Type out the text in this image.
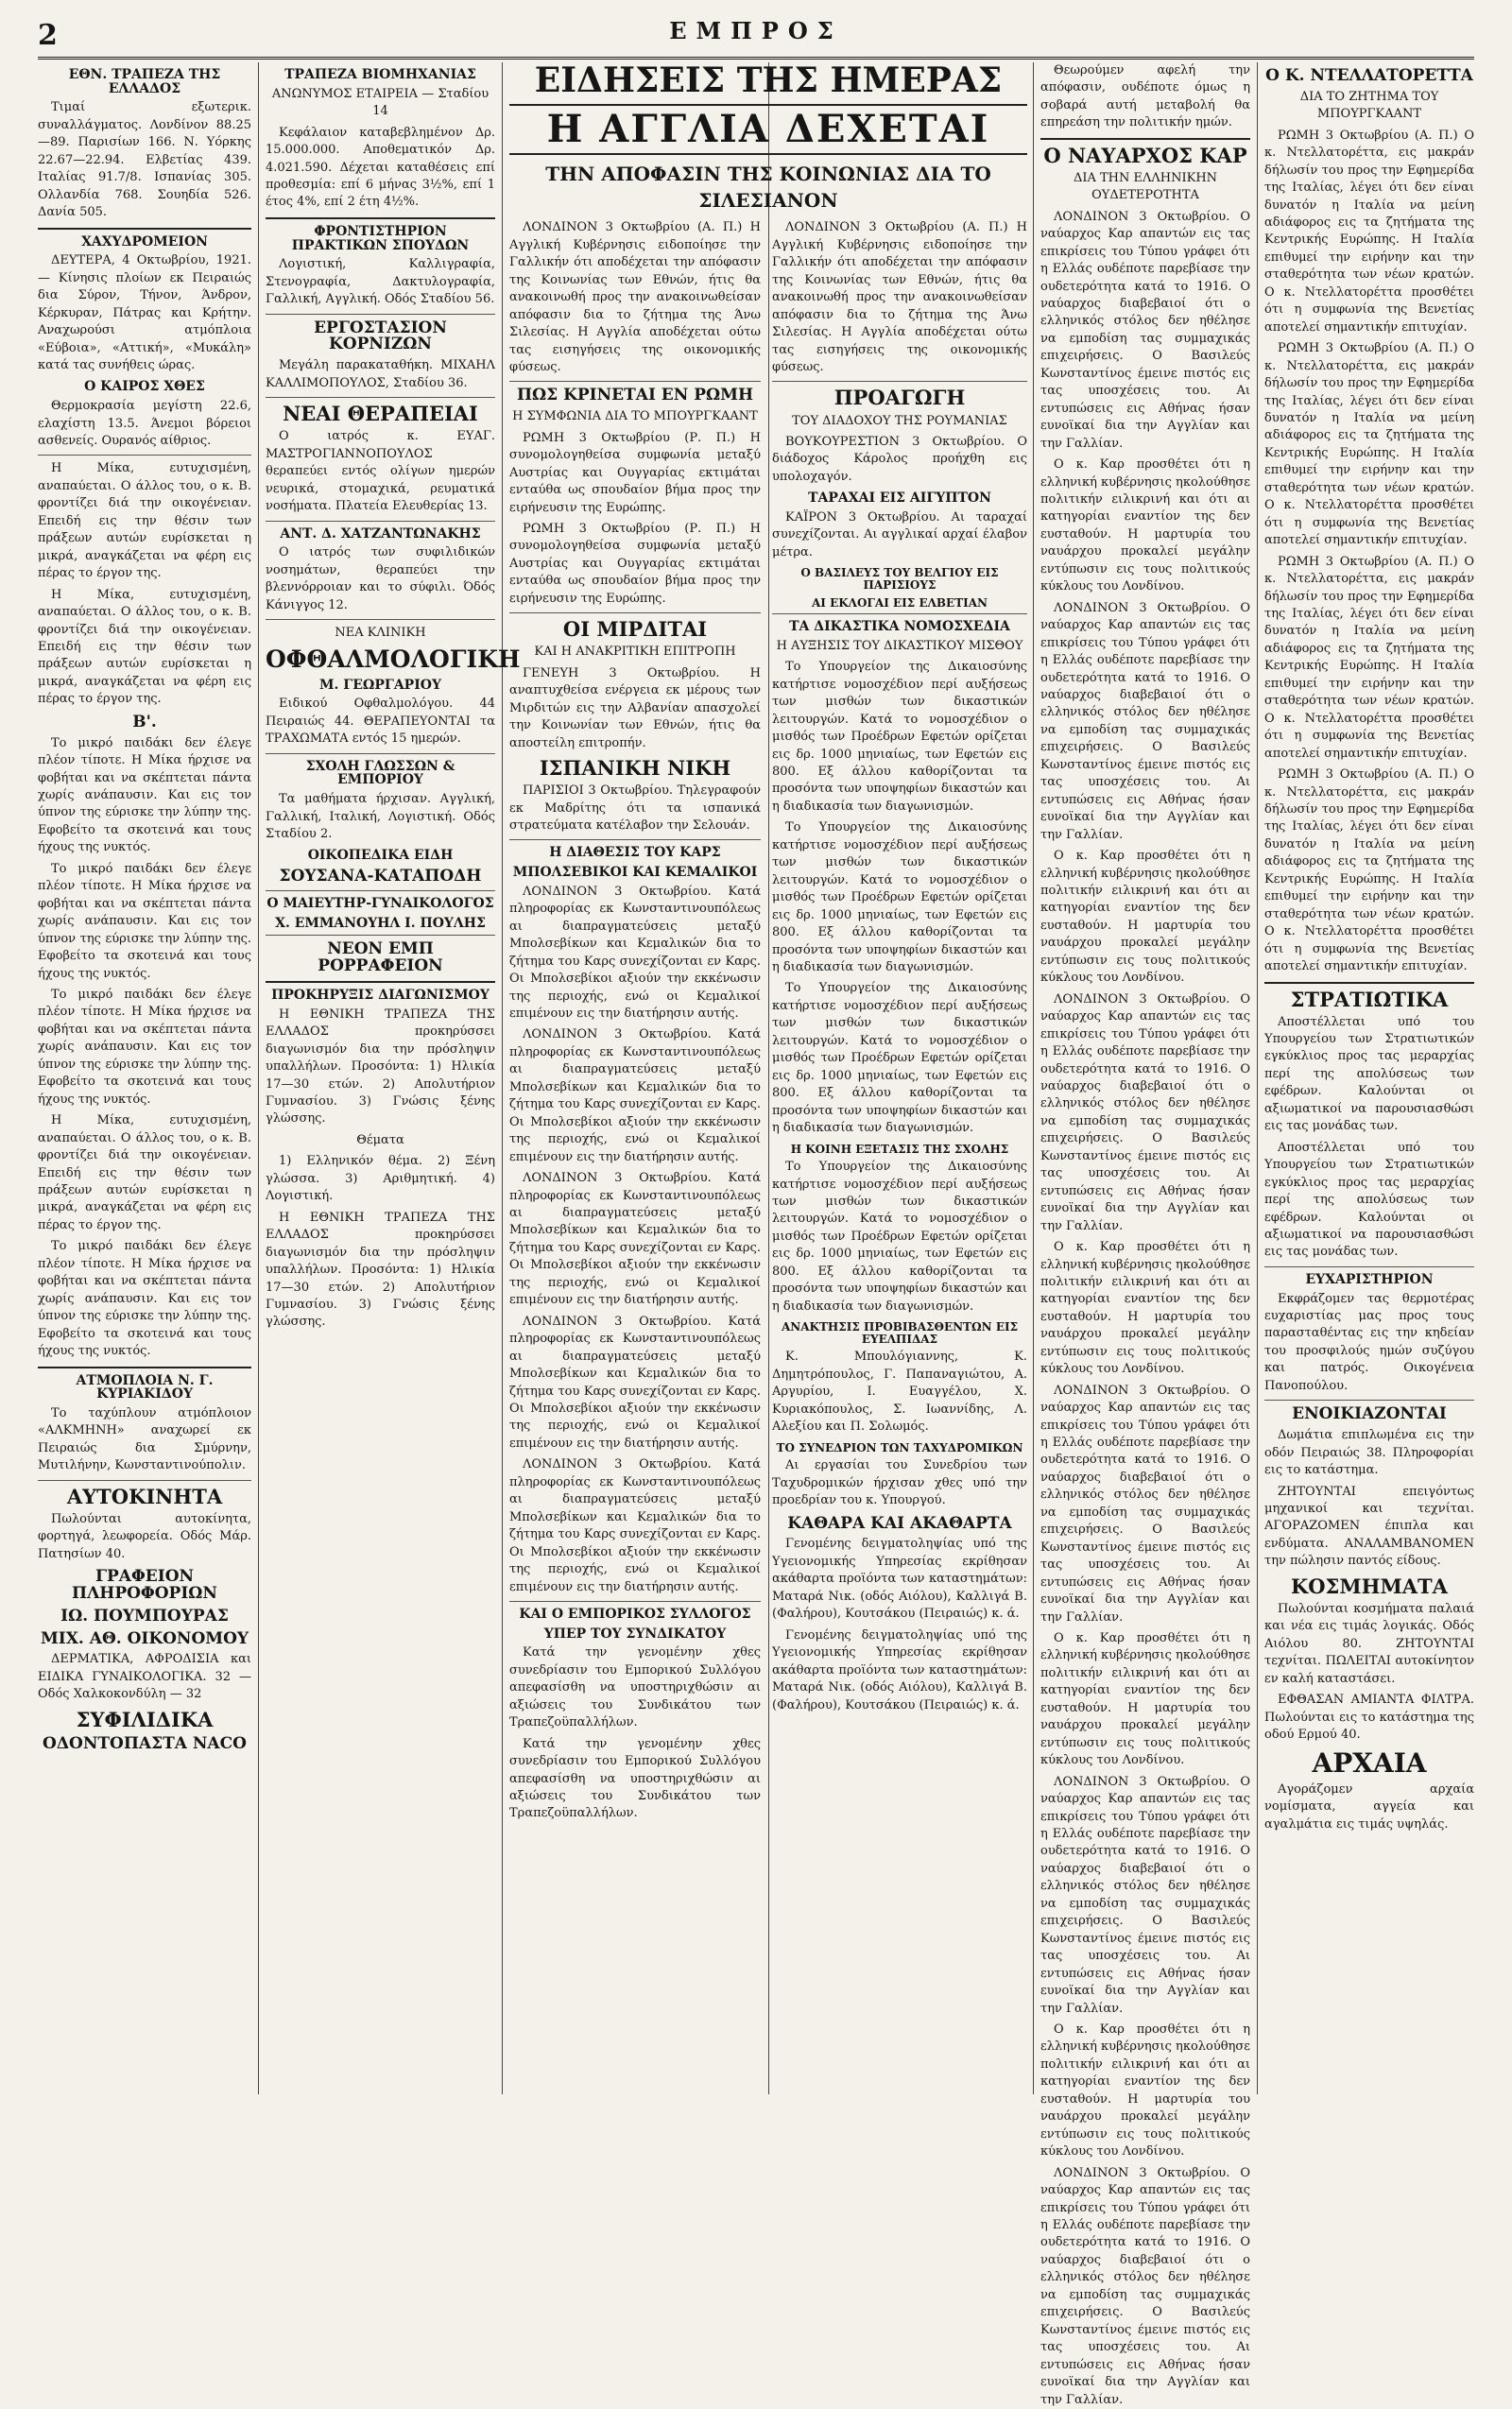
2	ΕΜΠΡΟΣ
ΕΘΝ. ΤΡΑΠΕΖΑ ΤΗΣ ΕΛΛΑΔΟΣ

Τιμαί εξωτερικ. συναλλάγματος. Λονδίνον 88.25—89. Παρισίων 166. Ν. Υόρκης 22.67—22.94. Ελβετίας 439. Ιταλίας 91.7/8. Ισπανίας 305. Ολλανδία 768. Σουηδία 526. Δανία 505.

ΧΑΧΥΔΡΟΜΕΙΟΝ

ΔΕΥΤΕΡΑ, 4 Οκτωβρίου, 1921. — Κίνησις πλοίων εκ Πειραιώς δια Σύρον, Τήνον, Άνδρον, Κέρκυραν, Πάτρας και Κρήτην. Αναχωρούσι ατμόπλοια «Εύβοια», «Αττική», «Μυκάλη» κατά τας συνήθεις ώρας.

Ο ΚΑΙΡΟΣ ΧΘΕΣ

Θερμοκρασία μεγίστη 22.6, ελαχίστη 13.5. Άνεμοι βόρειοι ασθενείς. Ουρανός αίθριος.

Η Μίκα, ευτυχισμένη, αναπαύεται. Ο άλλος του, ο κ. Β. φροντίζει διά την οικογένειαν. Επειδή εις την θέσιν των πράξεων αυτών ευρίσκεται η μικρά, αναγκάζεται να φέρη εις πέρας το έργον της.

Η Μίκα, ευτυχισμένη, αναπαύεται. Ο άλλος του, ο κ. Β. φροντίζει διά την οικογένειαν. Επειδή εις την θέσιν των πράξεων αυτών ευρίσκεται η μικρά, αναγκάζεται να φέρη εις πέρας το έργον της.

Β'.

Το μικρό παιδάκι δεν έλεγε πλέον τίποτε. Η Μίκα ήρχισε να φοβήται και να σκέπτεται πάντα χωρίς ανάπαυσιν. Και εις τον ύπνον της εύρισκε την λύπην της. Εφοβείτο τα σκοτεινά και τους ήχους της νυκτός.

Το μικρό παιδάκι δεν έλεγε πλέον τίποτε. Η Μίκα ήρχισε να φοβήται και να σκέπτεται πάντα χωρίς ανάπαυσιν. Και εις τον ύπνον της εύρισκε την λύπην της. Εφοβείτο τα σκοτεινά και τους ήχους της νυκτός.

Το μικρό παιδάκι δεν έλεγε πλέον τίποτε. Η Μίκα ήρχισε να φοβήται και να σκέπτεται πάντα χωρίς ανάπαυσιν. Και εις τον ύπνον της εύρισκε την λύπην της. Εφοβείτο τα σκοτεινά και τους ήχους της νυκτός.

Η Μίκα, ευτυχισμένη, αναπαύεται. Ο άλλος του, ο κ. Β. φροντίζει διά την οικογένειαν. Επειδή εις την θέσιν των πράξεων αυτών ευρίσκεται η μικρά, αναγκάζεται να φέρη εις πέρας το έργον της.

Το μικρό παιδάκι δεν έλεγε πλέον τίποτε. Η Μίκα ήρχισε να φοβήται και να σκέπτεται πάντα χωρίς ανάπαυσιν. Και εις τον ύπνον της εύρισκε την λύπην της. Εφοβείτο τα σκοτεινά και τους ήχους της νυκτός.

ΑΤΜΟΠΛΟΙΑ Ν. Γ. ΚΥΡΙΑΚΙΔΟΥ

Το ταχύπλουν ατμόπλοιον «ΑΛΚΜΗΝΗ» αναχωρεί εκ Πειραιώς δια Σμύρνην, Μυτιλήνην, Κωνσταντινούπολιν.

ΑΥΤΟΚΙΝΗΤΑ

Πωλούνται αυτοκίνητα, φορτηγά, λεωφορεία. Οδός Μάρ. Πατησίων 40.

ΓΡΑΦΕΙΟΝ ΠΛΗΡΟΦΟΡΙΩΝ
ΙΩ. ΠΟΥΜΠΟΥΡΑΣ
ΜΙΧ. ΑΘ. ΟΙΚΟΝΟΜΟΥ

ΔΕΡΜΑΤΙΚΑ, ΑΦΡΟΔΙΣΙΑ και ΕΙΔΙΚΑ ΓΥΝΑΙΚΟΛΟΓΙΚΑ. 32 — Οδός Χαλκοκονδύλη — 32

ΣΥΦΙΛΙΔΙΚΑ
ΟΔΟΝΤΟΠΑΣΤΑ ΝΑCO
ΤΡΑΠΕΖΑ ΒΙΟΜΗΧΑΝΙΑΣ
ΑΝΩΝΥΜΟΣ ΕΤΑΙΡΕΙΑ — Σταδίου 14

Κεφάλαιον καταβεβλημένον Δρ. 15.000.000. Αποθεματικόν Δρ. 4.021.590. Δέχεται καταθέσεις επί προθεσμία: επί 6 μήνας 3½%, επί 1 έτος 4%, επί 2 έτη 4½%.

ΦΡΟΝΤΙΣΤΗΡΙΟΝ ΠΡΑΚΤΙΚΩΝ ΣΠΟΥΔΩΝ

Λογιστική, Καλλιγραφία, Στενογραφία, Δακτυλογραφία, Γαλλική, Αγγλική. Οδός Σταδίου 56.

ΕΡΓΟΣΤΑΣΙΟΝ ΚΟΡΝΙΖΩΝ

Μεγάλη παρακαταθήκη. ΜΙΧΑΗΛ ΚΑΛΛΙΜΟΠΟΥΛΟΣ, Σταδίου 36.

ΝΕΑΙ ΘΕΡΑΠΕΙΑΙ

Ο ιατρός κ. ΕΥΑΓ. ΜΑΣΤΡΟΓΙΑΝΝΟΠΟΥΛΟΣ θεραπεύει εντός ολίγων ημερών νευρικά, στομαχικά, ρευματικά νοσήματα. Πλατεία Ελευθερίας 13.

ΑΝΤ. Δ. ΧΑΤΖΑΝΤΩΝΑΚΗΣ

Ο ιατρός των συφιλιδικών νοσημάτων, θεραπεύει την βλεννόρροιαν και το σύφιλι. Όδός Κάνιγγος 12.

ΝΕΑ ΚΛΙΝΙΚΗ
ΟΦΘΑΛΜΟΛΟΓΙΚΗ
Μ. ΓΕΩΡΓΑΡΙΟΥ

Ειδικού Οφθαλμολόγου. 44 Πειραιώς 44. ΘΕΡΑΠΕΥΟΝΤΑΙ τα ΤΡΑΧΩΜΑΤΑ εντός 15 ημερών.

ΣΧΟΛΗ ΓΛΩΣΣΩΝ & ΕΜΠΟΡΙΟΥ

Τα μαθήματα ήρχισαν. Αγγλική, Γαλλική, Ιταλική, Λογιστική. Οδός Σταδίου 2.

ΟΙΚΟΠΕΔΙΚΑ ΕΙΔΗ
ΣΟΥΣΑΝΑ-ΚΑΤΑΠΟΔΗ
Ο ΜΑΙΕΥΤΗΡ-ΓΥΝΑΙΚΟΛΟΓΟΣ
Χ. ΕΜΜΑΝΟΥΗΛ Ι. ΠΟΥΛΗΣ
ΝΕΟΝ ΕΜΠ ΡΟΡΡΑΦΕΙΟΝ
ΠΡΟΚΗΡΥΞΙΣ ΔΙΑΓΩΝΙΣΜΟΥ

Η ΕΘΝΙΚΗ ΤΡΑΠΕΖΑ ΤΗΣ ΕΛΛΑΔΟΣ προκηρύσσει διαγωνισμόν δια την πρόσληψιν υπαλλήλων. Προσόντα: 1) Ηλικία 17—30 ετών. 2) Απολυτήριον Γυμνασίου. 3) Γνώσις ξένης γλώσσης.

Θέματα

1) Ελληνικόν θέμα. 2) Ξένη γλώσσα. 3) Αριθμητική. 4) Λογιστική.

Η ΕΘΝΙΚΗ ΤΡΑΠΕΖΑ ΤΗΣ ΕΛΛΑΔΟΣ προκηρύσσει διαγωνισμόν δια την πρόσληψιν υπαλλήλων. Προσόντα: 1) Ηλικία 17—30 ετών. 2) Απολυτήριον Γυμνασίου. 3) Γνώσις ξένης γλώσσης.

ΕΙΔΗΣΕΙΣ ΤΗΣ ΗΜΕΡΑΣ
Η ΑΓΓΛΙΑ ΔΕΧΕΤΑΙ
ΤΗΝ ΑΠΟΦΑΣΙΝ ΤΗΣ ΚΟΙΝΩΝΙΑΣ ΔΙΑ ΤΟ ΣΙΛΕΣΙΑΝΟΝ

ΛΟΝΔΙΝΟΝ 3 Οκτωβρίου (Α. Π.) Η Αγγλική Κυβέρνησις ειδοποίησε την Γαλλικήν ότι αποδέχεται την απόφασιν της Κοινωνίας των Εθνών, ήτις θα ανακοινωθή προς την ανακοινωθείσαν απόφασιν δια το ζήτημα της Άνω Σιλεσίας. Η Αγγλία αποδέχεται ούτω τας εισηγήσεις της οικονομικής φύσεως.

ΠΩΣ ΚΡΙΝΕΤΑΙ ΕΝ ΡΩΜΗ
Η ΣΥΜΦΩΝΙΑ ΔΙΑ ΤΟ ΜΠΟΥΡΓΚΑΑΝΤ

ΡΩΜΗ 3 Οκτωβρίου (Ρ. Π.) Η συνομολογηθείσα συμφωνία μεταξύ Αυστρίας και Ουγγαρίας εκτιμάται ενταύθα ως σπουδαίον βήμα προς την ειρήνευσιν της Ευρώπης.

ΡΩΜΗ 3 Οκτωβρίου (Ρ. Π.) Η συνομολογηθείσα συμφωνία μεταξύ Αυστρίας και Ουγγαρίας εκτιμάται ενταύθα ως σπουδαίον βήμα προς την ειρήνευσιν της Ευρώπης.

ΟΙ ΜΙΡΔΙΤΑΙ
ΚΑΙ Η ΑΝΑΚΡΙΤΙΚΗ ΕΠΙΤΡΟΠΗ

ΓΕΝΕΥΗ 3 Οκτωβρίου. Η αναπτυχθείσα ενέργεια εκ μέρους των Μιρδιτών εις την Αλβανίαν απασχολεί την Κοινωνίαν των Εθνών, ήτις θα αποστείλη επιτροπήν.

ΙΣΠΑΝΙΚΗ ΝΙΚΗ

ΠΑΡΙΣΙΟΙ 3 Οκτωβρίου. Τηλεγραφούν εκ Μαδρίτης ότι τα ισπανικά στρατεύματα κατέλαβον την Σελουάν.

Η ΔΙΑΘΕΣΙΣ ΤΟΥ ΚΑΡΣ
ΜΠΟΛΣΕΒΙΚΟΙ ΚΑΙ ΚΕΜΑΛΙΚΟΙ

ΛΟΝΔΙΝΟΝ 3 Οκτωβρίου. Κατά πληροφορίας εκ Κωνσταντινουπόλεως αι διαπραγματεύσεις μεταξύ Μπολσεβίκων και Κεμαλικών δια το ζήτημα του Καρς συνεχίζονται εν Καρς. Οι Μπολσεβίκοι αξιούν την εκκένωσιν της περιοχής, ενώ οι Κεμαλικοί επιμένουν εις την διατήρησιν αυτής.

ΛΟΝΔΙΝΟΝ 3 Οκτωβρίου. Κατά πληροφορίας εκ Κωνσταντινουπόλεως αι διαπραγματεύσεις μεταξύ Μπολσεβίκων και Κεμαλικών δια το ζήτημα του Καρς συνεχίζονται εν Καρς. Οι Μπολσεβίκοι αξιούν την εκκένωσιν της περιοχής, ενώ οι Κεμαλικοί επιμένουν εις την διατήρησιν αυτής.

ΛΟΝΔΙΝΟΝ 3 Οκτωβρίου. Κατά πληροφορίας εκ Κωνσταντινουπόλεως αι διαπραγματεύσεις μεταξύ Μπολσεβίκων και Κεμαλικών δια το ζήτημα του Καρς συνεχίζονται εν Καρς. Οι Μπολσεβίκοι αξιούν την εκκένωσιν της περιοχής, ενώ οι Κεμαλικοί επιμένουν εις την διατήρησιν αυτής.

ΛΟΝΔΙΝΟΝ 3 Οκτωβρίου. Κατά πληροφορίας εκ Κωνσταντινουπόλεως αι διαπραγματεύσεις μεταξύ Μπολσεβίκων και Κεμαλικών δια το ζήτημα του Καρς συνεχίζονται εν Καρς. Οι Μπολσεβίκοι αξιούν την εκκένωσιν της περιοχής, ενώ οι Κεμαλικοί επιμένουν εις την διατήρησιν αυτής.

ΛΟΝΔΙΝΟΝ 3 Οκτωβρίου. Κατά πληροφορίας εκ Κωνσταντινουπόλεως αι διαπραγματεύσεις μεταξύ Μπολσεβίκων και Κεμαλικών δια το ζήτημα του Καρς συνεχίζονται εν Καρς. Οι Μπολσεβίκοι αξιούν την εκκένωσιν της περιοχής, ενώ οι Κεμαλικοί επιμένουν εις την διατήρησιν αυτής.

ΚΑΙ Ο ΕΜΠΟΡΙΚΟΣ ΣΥΛΛΟΓΟΣ
ΥΠΕΡ ΤΟΥ ΣΥΝΔΙΚΑΤΟΥ

Κατά την γενομένην χθες συνεδρίασιν του Εμπορικού Συλλόγου απεφασίσθη να υποστηριχθώσιν αι αξιώσεις του Συνδικάτου των Τραπεζοϋπαλλήλων.

Κατά την γενομένην χθες συνεδρίασιν του Εμπορικού Συλλόγου απεφασίσθη να υποστηριχθώσιν αι αξιώσεις του Συνδικάτου των Τραπεζοϋπαλλήλων.

ΛΟΝΔΙΝΟΝ 3 Οκτωβρίου (Α. Π.) Η Αγγλική Κυβέρνησις ειδοποίησε την Γαλλικήν ότι αποδέχεται την απόφασιν της Κοινωνίας των Εθνών, ήτις θα ανακοινωθή προς την ανακοινωθείσαν απόφασιν δια το ζήτημα της Άνω Σιλεσίας. Η Αγγλία αποδέχεται ούτω τας εισηγήσεις της οικονομικής φύσεως.

ΠΡΟΑΓΩΓΗ
ΤΟΥ ΔΙΑΔΟΧΟΥ ΤΗΣ ΡΟΥΜΑΝΙΑΣ

ΒΟΥΚΟΥΡΕΣΤΙΟΝ 3 Οκτωβρίου. Ο διάδοχος Κάρολος προήχθη εις υπολοχαγόν.

ΤΑΡΑΧΑΙ ΕΙΣ ΑΙΓΥΠΤΟΝ

ΚΑΪΡΟΝ 3 Οκτωβρίου. Αι ταραχαί συνεχίζονται. Αι αγγλικαί αρχαί έλαβον μέτρα.

Ο ΒΑΣΙΛΕΥΣ ΤΟΥ ΒΕΛΓΙΟΥ ΕΙΣ ΠΑΡΙΣΙΟΥΣ
ΑΙ ΕΚΛΟΓΑΙ ΕΙΣ ΕΛΒΕΤΙΑΝ
ΤΑ ΔΙΚΑΣΤΙΚΑ ΝΟΜΟΣΧΕΔΙΑ
Η ΑΥΞΗΣΙΣ ΤΟΥ ΔΙΚΑΣΤΙΚΟΥ ΜΙΣΘΟΥ

Το Υπουργείον της Δικαιοσύνης κατήρτισε νομοσχέδιον περί αυξήσεως των μισθών των δικαστικών λειτουργών. Κατά το νομοσχέδιον ο μισθός των Προέδρων Εφετών ορίζεται εις δρ. 1000 μηνιαίως, των Εφετών εις 800. Εξ άλλου καθορίζονται τα προσόντα των υποψηφίων δικαστών και η διαδικασία των διαγωνισμών.

Το Υπουργείον της Δικαιοσύνης κατήρτισε νομοσχέδιον περί αυξήσεως των μισθών των δικαστικών λειτουργών. Κατά το νομοσχέδιον ο μισθός των Προέδρων Εφετών ορίζεται εις δρ. 1000 μηνιαίως, των Εφετών εις 800. Εξ άλλου καθορίζονται τα προσόντα των υποψηφίων δικαστών και η διαδικασία των διαγωνισμών.

Το Υπουργείον της Δικαιοσύνης κατήρτισε νομοσχέδιον περί αυξήσεως των μισθών των δικαστικών λειτουργών. Κατά το νομοσχέδιον ο μισθός των Προέδρων Εφετών ορίζεται εις δρ. 1000 μηνιαίως, των Εφετών εις 800. Εξ άλλου καθορίζονται τα προσόντα των υποψηφίων δικαστών και η διαδικασία των διαγωνισμών.

Η ΚΟΙΝΗ ΕΞΕΤΑΣΙΣ ΤΗΣ ΣΧΟΛΗΣ

Το Υπουργείον της Δικαιοσύνης κατήρτισε νομοσχέδιον περί αυξήσεως των μισθών των δικαστικών λειτουργών. Κατά το νομοσχέδιον ο μισθός των Προέδρων Εφετών ορίζεται εις δρ. 1000 μηνιαίως, των Εφετών εις 800. Εξ άλλου καθορίζονται τα προσόντα των υποψηφίων δικαστών και η διαδικασία των διαγωνισμών.

ΑΝΑΚΤΗΣΙΣ ΠΡΟΒΙΒΑΣΘΕΝΤΩΝ ΕΙΣ ΕΥΕΛΠΙΔΑΣ

Κ. Μπουλόγιαννης, Κ. Δημητρόπουλος, Γ. Παπαναγιώτου, Α. Αργυρίου, Ι. Ευαγγέλου, Χ. Κυριακόπουλος, Σ. Ιωαννίδης, Λ. Αλεξίου και Π. Σολωμός.

ΤΟ ΣΥΝΕΔΡΙΟΝ ΤΩΝ ΤΑΧΥΔΡΟΜΙΚΩΝ

Αι εργασίαι του Συνεδρίου των Ταχυδρομικών ήρχισαν χθες υπό την προεδρίαν του κ. Υπουργού.

ΚΑΘΑΡΑ ΚΑΙ ΑΚΑΘΑΡΤΑ

Γενομένης δειγματοληψίας υπό της Υγειονομικής Υπηρεσίας εκρίθησαν ακάθαρτα προϊόντα των καταστημάτων: Ματαρά Νικ. (οδός Αιόλου), Καλλιγά Β. (Φαλήρου), Κουτσάκου (Πειραιώς) κ. ά.

Γενομένης δειγματοληψίας υπό της Υγειονομικής Υπηρεσίας εκρίθησαν ακάθαρτα προϊόντα των καταστημάτων: Ματαρά Νικ. (οδός Αιόλου), Καλλιγά Β. (Φαλήρου), Κουτσάκου (Πειραιώς) κ. ά.

Θεωρούμεν αφελή την απόφασιν, ουδέποτε όμως η σοβαρά αυτή μεταβολή θα επηρεάση την πολιτικήν ημών.

Ο ΝΑΥΑΡΧΟΣ ΚΑΡ
ΔΙΑ ΤΗΝ ΕΛΛΗΝΙΚΗΝ ΟΥΔΕΤΕΡΟΤΗΤΑ

ΛΟΝΔΙΝΟΝ 3 Οκτωβρίου. Ο ναύαρχος Καρ απαντών εις τας επικρίσεις του Τύπου γράφει ότι η Ελλάς ουδέποτε παρεβίασε την ουδετερότητα κατά το 1916. Ο ναύαρχος διαβεβαιοί ότι ο ελληνικός στόλος δεν ηθέλησε να εμποδίση τας συμμαχικάς επιχειρήσεις. Ο Βασιλεύς Κωνσταντίνος έμεινε πιστός εις τας υποσχέσεις του. Αι εντυπώσεις εις Αθήνας ήσαν ευνοϊκαί δια την Αγγλίαν και την Γαλλίαν.

Ο κ. Καρ προσθέτει ότι η ελληνική κυβέρνησις ηκολούθησε πολιτικήν ειλικρινή και ότι αι κατηγορίαι εναντίον της δεν ευσταθούν. Η μαρτυρία του ναυάρχου προκαλεί μεγάλην εντύπωσιν εις τους πολιτικούς κύκλους του Λονδίνου.

ΛΟΝΔΙΝΟΝ 3 Οκτωβρίου. Ο ναύαρχος Καρ απαντών εις τας επικρίσεις του Τύπου γράφει ότι η Ελλάς ουδέποτε παρεβίασε την ουδετερότητα κατά το 1916. Ο ναύαρχος διαβεβαιοί ότι ο ελληνικός στόλος δεν ηθέλησε να εμποδίση τας συμμαχικάς επιχειρήσεις. Ο Βασιλεύς Κωνσταντίνος έμεινε πιστός εις τας υποσχέσεις του. Αι εντυπώσεις εις Αθήνας ήσαν ευνοϊκαί δια την Αγγλίαν και την Γαλλίαν.

Ο κ. Καρ προσθέτει ότι η ελληνική κυβέρνησις ηκολούθησε πολιτικήν ειλικρινή και ότι αι κατηγορίαι εναντίον της δεν ευσταθούν. Η μαρτυρία του ναυάρχου προκαλεί μεγάλην εντύπωσιν εις τους πολιτικούς κύκλους του Λονδίνου.

ΛΟΝΔΙΝΟΝ 3 Οκτωβρίου. Ο ναύαρχος Καρ απαντών εις τας επικρίσεις του Τύπου γράφει ότι η Ελλάς ουδέποτε παρεβίασε την ουδετερότητα κατά το 1916. Ο ναύαρχος διαβεβαιοί ότι ο ελληνικός στόλος δεν ηθέλησε να εμποδίση τας συμμαχικάς επιχειρήσεις. Ο Βασιλεύς Κωνσταντίνος έμεινε πιστός εις τας υποσχέσεις του. Αι εντυπώσεις εις Αθήνας ήσαν ευνοϊκαί δια την Αγγλίαν και την Γαλλίαν.

Ο κ. Καρ προσθέτει ότι η ελληνική κυβέρνησις ηκολούθησε πολιτικήν ειλικρινή και ότι αι κατηγορίαι εναντίον της δεν ευσταθούν. Η μαρτυρία του ναυάρχου προκαλεί μεγάλην εντύπωσιν εις τους πολιτικούς κύκλους του Λονδίνου.

ΛΟΝΔΙΝΟΝ 3 Οκτωβρίου. Ο ναύαρχος Καρ απαντών εις τας επικρίσεις του Τύπου γράφει ότι η Ελλάς ουδέποτε παρεβίασε την ουδετερότητα κατά το 1916. Ο ναύαρχος διαβεβαιοί ότι ο ελληνικός στόλος δεν ηθέλησε να εμποδίση τας συμμαχικάς επιχειρήσεις. Ο Βασιλεύς Κωνσταντίνος έμεινε πιστός εις τας υποσχέσεις του. Αι εντυπώσεις εις Αθήνας ήσαν ευνοϊκαί δια την Αγγλίαν και την Γαλλίαν.

Ο κ. Καρ προσθέτει ότι η ελληνική κυβέρνησις ηκολούθησε πολιτικήν ειλικρινή και ότι αι κατηγορίαι εναντίον της δεν ευσταθούν. Η μαρτυρία του ναυάρχου προκαλεί μεγάλην εντύπωσιν εις τους πολιτικούς κύκλους του Λονδίνου.

ΛΟΝΔΙΝΟΝ 3 Οκτωβρίου. Ο ναύαρχος Καρ απαντών εις τας επικρίσεις του Τύπου γράφει ότι η Ελλάς ουδέποτε παρεβίασε την ουδετερότητα κατά το 1916. Ο ναύαρχος διαβεβαιοί ότι ο ελληνικός στόλος δεν ηθέλησε να εμποδίση τας συμμαχικάς επιχειρήσεις. Ο Βασιλεύς Κωνσταντίνος έμεινε πιστός εις τας υποσχέσεις του. Αι εντυπώσεις εις Αθήνας ήσαν ευνοϊκαί δια την Αγγλίαν και την Γαλλίαν.

Ο κ. Καρ προσθέτει ότι η ελληνική κυβέρνησις ηκολούθησε πολιτικήν ειλικρινή και ότι αι κατηγορίαι εναντίον της δεν ευσταθούν. Η μαρτυρία του ναυάρχου προκαλεί μεγάλην εντύπωσιν εις τους πολιτικούς κύκλους του Λονδίνου.

ΛΟΝΔΙΝΟΝ 3 Οκτωβρίου. Ο ναύαρχος Καρ απαντών εις τας επικρίσεις του Τύπου γράφει ότι η Ελλάς ουδέποτε παρεβίασε την ουδετερότητα κατά το 1916. Ο ναύαρχος διαβεβαιοί ότι ο ελληνικός στόλος δεν ηθέλησε να εμποδίση τας συμμαχικάς επιχειρήσεις. Ο Βασιλεύς Κωνσταντίνος έμεινε πιστός εις τας υποσχέσεις του. Αι εντυπώσεις εις Αθήνας ήσαν ευνοϊκαί δια την Αγγλίαν και την Γαλλίαν.

Ο Κ. ΝΤΕΛΛΑΤΟΡΕΤΤΑ
ΔΙΑ ΤΟ ΖΗΤΗΜΑ ΤΟΥ ΜΠΟΥΡΓΚΑΑΝΤ

ΡΩΜΗ 3 Οκτωβρίου (Α. Π.) Ο κ. Ντελλατορέττα, εις μακράν δήλωσίν του προς την Εφημερίδα της Ιταλίας, λέγει ότι δεν είναι δυνατόν η Ιταλία να μείνη αδιάφορος εις τα ζητήματα της Κεντρικής Ευρώπης. Η Ιταλία επιθυμεί την ειρήνην και την σταθερότητα των νέων κρατών. Ο κ. Ντελλατορέττα προσθέτει ότι η συμφωνία της Βενετίας αποτελεί σημαντικήν επιτυχίαν.

ΡΩΜΗ 3 Οκτωβρίου (Α. Π.) Ο κ. Ντελλατορέττα, εις μακράν δήλωσίν του προς την Εφημερίδα της Ιταλίας, λέγει ότι δεν είναι δυνατόν η Ιταλία να μείνη αδιάφορος εις τα ζητήματα της Κεντρικής Ευρώπης. Η Ιταλία επιθυμεί την ειρήνην και την σταθερότητα των νέων κρατών. Ο κ. Ντελλατορέττα προσθέτει ότι η συμφωνία της Βενετίας αποτελεί σημαντικήν επιτυχίαν.

ΡΩΜΗ 3 Οκτωβρίου (Α. Π.) Ο κ. Ντελλατορέττα, εις μακράν δήλωσίν του προς την Εφημερίδα της Ιταλίας, λέγει ότι δεν είναι δυνατόν η Ιταλία να μείνη αδιάφορος εις τα ζητήματα της Κεντρικής Ευρώπης. Η Ιταλία επιθυμεί την ειρήνην και την σταθερότητα των νέων κρατών. Ο κ. Ντελλατορέττα προσθέτει ότι η συμφωνία της Βενετίας αποτελεί σημαντικήν επιτυχίαν.

ΡΩΜΗ 3 Οκτωβρίου (Α. Π.) Ο κ. Ντελλατορέττα, εις μακράν δήλωσίν του προς την Εφημερίδα της Ιταλίας, λέγει ότι δεν είναι δυνατόν η Ιταλία να μείνη αδιάφορος εις τα ζητήματα της Κεντρικής Ευρώπης. Η Ιταλία επιθυμεί την ειρήνην και την σταθερότητα των νέων κρατών. Ο κ. Ντελλατορέττα προσθέτει ότι η συμφωνία της Βενετίας αποτελεί σημαντικήν επιτυχίαν.

ΣΤΡΑΤΙΩΤΙΚΑ

Αποστέλλεται υπό του Υπουργείου των Στρατιωτικών εγκύκλιος προς τας μεραρχίας περί της απολύσεως των εφέδρων. Καλούνται οι αξιωματικοί να παρουσιασθώσι εις τας μονάδας των.

Αποστέλλεται υπό του Υπουργείου των Στρατιωτικών εγκύκλιος προς τας μεραρχίας περί της απολύσεως των εφέδρων. Καλούνται οι αξιωματικοί να παρουσιασθώσι εις τας μονάδας των.

ΕΥΧΑΡΙΣΤΗΡΙΟΝ

Εκφράζομεν τας θερμοτέρας ευχαριστίας μας προς τους παρασταθέντας εις την κηδείαν του προσφιλούς ημών συζύγου και πατρός. Οικογένεια Πανοπούλου.

ΕΝΟΙΚΙΑΖΟΝΤΑΙ

Δωμάτια επιπλωμένα εις την οδόν Πειραιώς 38. Πληροφορίαι εις το κατάστημα.

ΖΗΤΟΥΝΤΑΙ επειγόντως μηχανικοί και τεχνίται. ΑΓΟΡΑΖΟΜΕΝ έπιπλα και ενδύματα. ΑΝΑΛΑΜΒΑΝΟΜΕΝ την πώλησιν παντός είδους.

ΚΟΣΜΗΜΑΤΑ

Πωλούνται κοσμήματα παλαιά και νέα εις τιμάς λογικάς. Οδός Αιόλου 80. ΖΗΤΟΥΝΤΑΙ τεχνίται. ΠΩΛΕΙΤΑΙ αυτοκίνητον εν καλή καταστάσει.

ΕΦΘΑΣΑΝ ΑΜΙΑΝΤΑ ΦΙΛΤΡΑ. Πωλούνται εις το κατάστημα της οδού Ερμού 40.

ΑΡΧΑΙΑ

Αγοράζομεν αρχαία νομίσματα, αγγεία και αγαλμάτια εις τιμάς υψηλάς.
